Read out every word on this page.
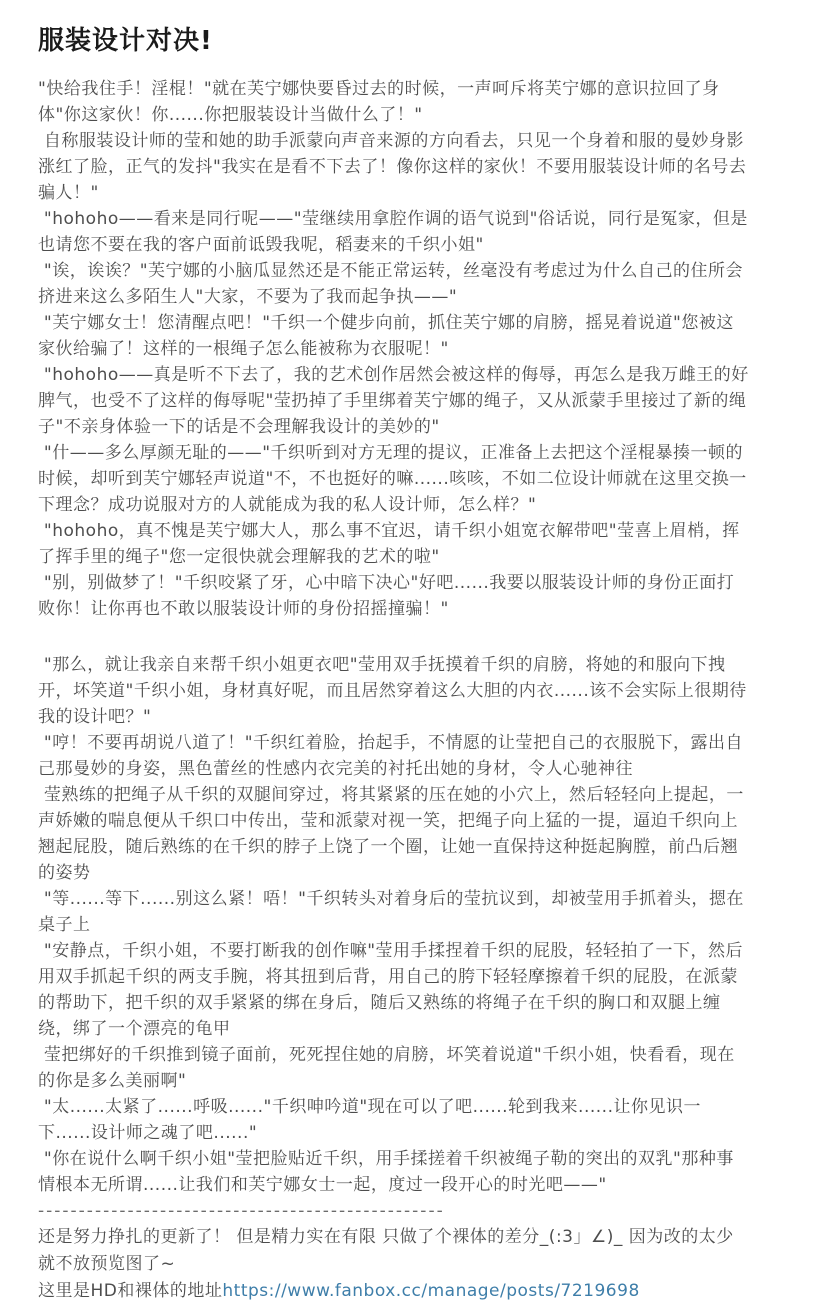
服装设计对决!

"快给我住手！淫棍！"就在芙宁娜快要昏过去的时候，一声呵斥将芙宁娜的意识拉回了身体"你这家伙！你......你把服装设计当做什么了！"

自称服装设计师的莹和她的助手派蒙向声音来源的方向看去，只见一个身着和服的曼妙身影涨红了脸，正气的发抖"我实在是看不下去了！像你这样的家伙！不要用服装设计师的名号去骗人！"

"hohoho——看来是同行呢——"莹继续用拿腔作调的语气说到"俗话说，同行是冤家，但是也请您不要在我的客户面前诋毁我呢，稻妻来的千织小姐"

"诶，诶诶？"芙宁娜的小脑瓜显然还是不能正常运转，丝毫没有考虑过为什么自己的住所会挤进来这么多陌生人"大家，不要为了我而起争执——"

"芙宁娜女士！您清醒点吧！"千织一个健步向前，抓住芙宁娜的肩膀，摇晃着说道"您被这家伙给骗了！这样的一根绳子怎么能被称为衣服呢！"

"hohoho——真是听不下去了，我的艺术创作居然会被这样的侮辱，再怎么是我万雌王的好脾气，也受不了这样的侮辱呢"莹扔掉了手里绑着芙宁娜的绳子，又从派蒙手里接过了新的绳子"不亲身体验一下的话是不会理解我设计的美妙的"

"什——多么厚颜无耻的——"千织听到对方无理的提议，正准备上去把这个淫棍暴揍一顿的时候，却听到芙宁娜轻声说道"不，不也挺好的嘛......咳咳，不如二位设计师就在这里交换一下理念？成功说服对方的人就能成为我的私人设计师，怎么样？"

"hohoho，真不愧是芙宁娜大人，那么事不宜迟，请千织小姐宽衣解带吧"莹喜上眉梢，挥了挥手里的绳子"您一定很快就会理解我的艺术的啦"

"别，别做梦了！"千织咬紧了牙，心中暗下决心"好吧......我要以服装设计师的身份正面打败你！让你再也不敢以服装设计师的身份招摇撞骗！"

"那么，就让我亲自来帮千织小姐更衣吧"莹用双手抚摸着千织的肩膀，将她的和服向下拽开，坏笑道"千织小姐，身材真好呢，而且居然穿着这么大胆的内衣......该不会实际上很期待我的设计吧？"

"哼！不要再胡说八道了！"千织红着脸，抬起手，不情愿的让莹把自己的衣服脱下，露出自己那曼妙的身姿，黑色蕾丝的性感内衣完美的衬托出她的身材，令人心驰神往

莹熟练的把绳子从千织的双腿间穿过，将其紧紧的压在她的小穴上，然后轻轻向上提起，一声娇嫩的喘息便从千织口中传出，莹和派蒙对视一笑，把绳子向上猛的一提，逼迫千织向上翘起屁股，随后熟练的在千织的脖子上饶了一个圈，让她一直保持这种挺起胸膛，前凸后翘的姿势

"等......等下......别这么紧！唔！"千织转头对着身后的莹抗议到，却被莹用手抓着头，摁在桌子上

"安静点，千织小姐，不要打断我的创作嘛"莹用手揉捏着千织的屁股，轻轻拍了一下，然后用双手抓起千织的两支手腕，将其扭到后背，用自己的胯下轻轻摩擦着千织的屁股，在派蒙的帮助下，把千织的双手紧紧的绑在身后，随后又熟练的将绳子在千织的胸口和双腿上缠绕，绑了一个漂亮的龟甲

莹把绑好的千织推到镜子面前，死死捏住她的肩膀，坏笑着说道"千织小姐，快看看，现在的你是多么美丽啊"

"太......太紧了......呼吸......"千织呻吟道"现在可以了吧......轮到我来......让你见识一下......设计师之魂了吧......"

"你在说什么啊千织小姐"莹把脸贴近千织，用手揉搓着千织被绳子勒的突出的双乳"那种事情根本无所谓......让我们和芙宁娜女士一起，度过一段开心的时光吧——"

--------------------------------------------------

还是努力挣扎的更新了！ 但是精力实在有限 只做了个裸体的差分_(:3」∠)_ 因为改的太少就不放预览图了~

这里是HD和裸体的地址https://www.fanbox.cc/manage/posts/7219698
